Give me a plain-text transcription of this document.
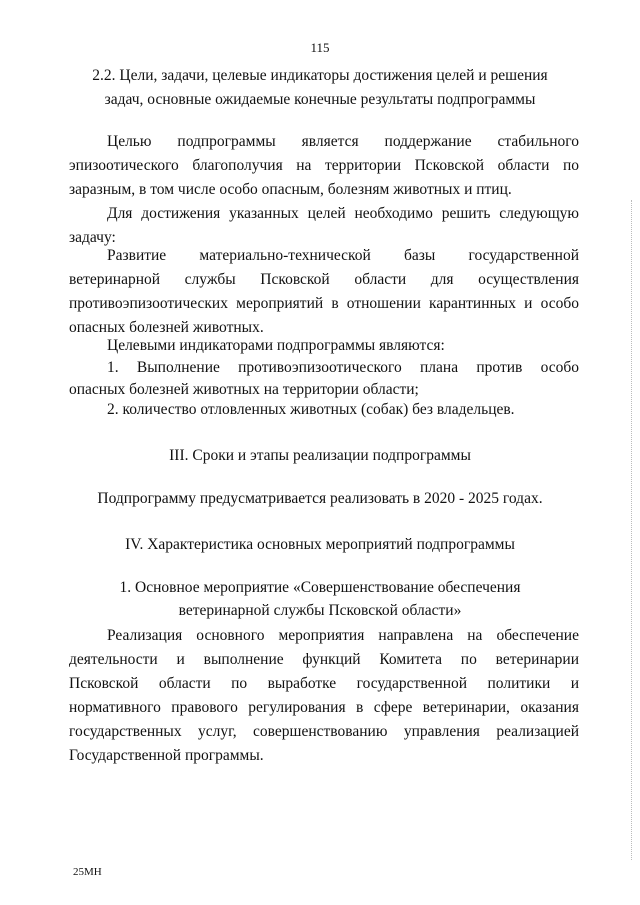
115
2.2. Цели, задачи, целевые индикаторы достижения целей и решения
задач, основные ожидаемые конечные результаты подпрограммы
Целью подпрограммы является поддержание стабильного
эпизоотического благополучия на территории Псковской области по
заразным, в том числе особо опасным, болезням животных и птиц.
Для достижения указанных целей необходимо решить следующую
задачу:
Развитие материально-технической базы государственной
ветеринарной службы Псковской области для осуществления
противоэпизоотических мероприятий в отношении карантинных и особо
опасных болезней животных.
Целевыми индикаторами подпрограммы являются:
1. Выполнение противоэпизоотического плана против особо
опасных болезней животных на территории области;
2. количество отловленных животных (собак) без владельцев.
III. Сроки и этапы реализации подпрограммы
Подпрограмму предусматривается реализовать в 2020 - 2025 годах.
IV. Характеристика основных мероприятий подпрограммы
1. Основное мероприятие «Совершенствование обеспечения
ветеринарной службы Псковской области»
Реализация основного мероприятия направлена на обеспечение
деятельности и выполнение функций Комитета по ветеринарии
Псковской области по выработке государственной политики и
нормативного правового регулирования в сфере ветеринарии, оказания
государственных услуг, совершенствованию управления реализацией
Государственной программы.
25МН
